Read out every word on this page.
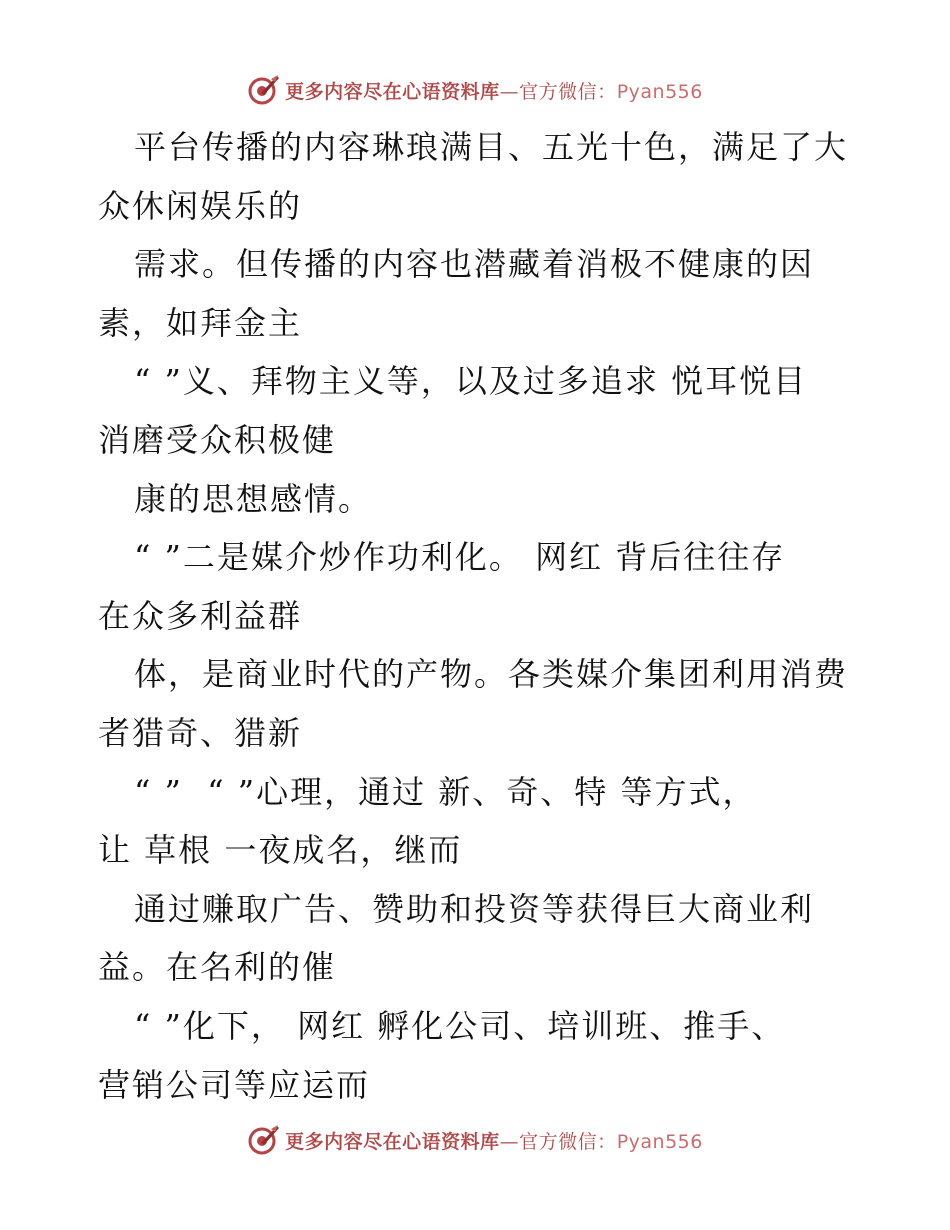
更多内容尽在心语资料库—官方微信：Pyan556
平台传播的内容琳琅满目、五光十色，满足了大
众休闲娱乐的
需求。但传播的内容也潜藏着消极不健康的因
素，如拜金主
“ ”义、拜物主义等，以及过多追求 悦耳悦目
消磨受众积极健
康的思想感情。
“ ”二是媒介炒作功利化。 网红 背后往往存
在众多利益群
体，是商业时代的产物。各类媒介集团利用消费
者猎奇、猎新
“ ”  “ ”心理，通过 新、奇、特 等方式，
让 草根 一夜成名，继而
通过赚取广告、赞助和投资等获得巨大商业利
益。在名利的催
“ ”化下， 网红 孵化公司、培训班、推手、
营销公司等应运而
更多内容尽在心语资料库—官方微信：Pyan556
